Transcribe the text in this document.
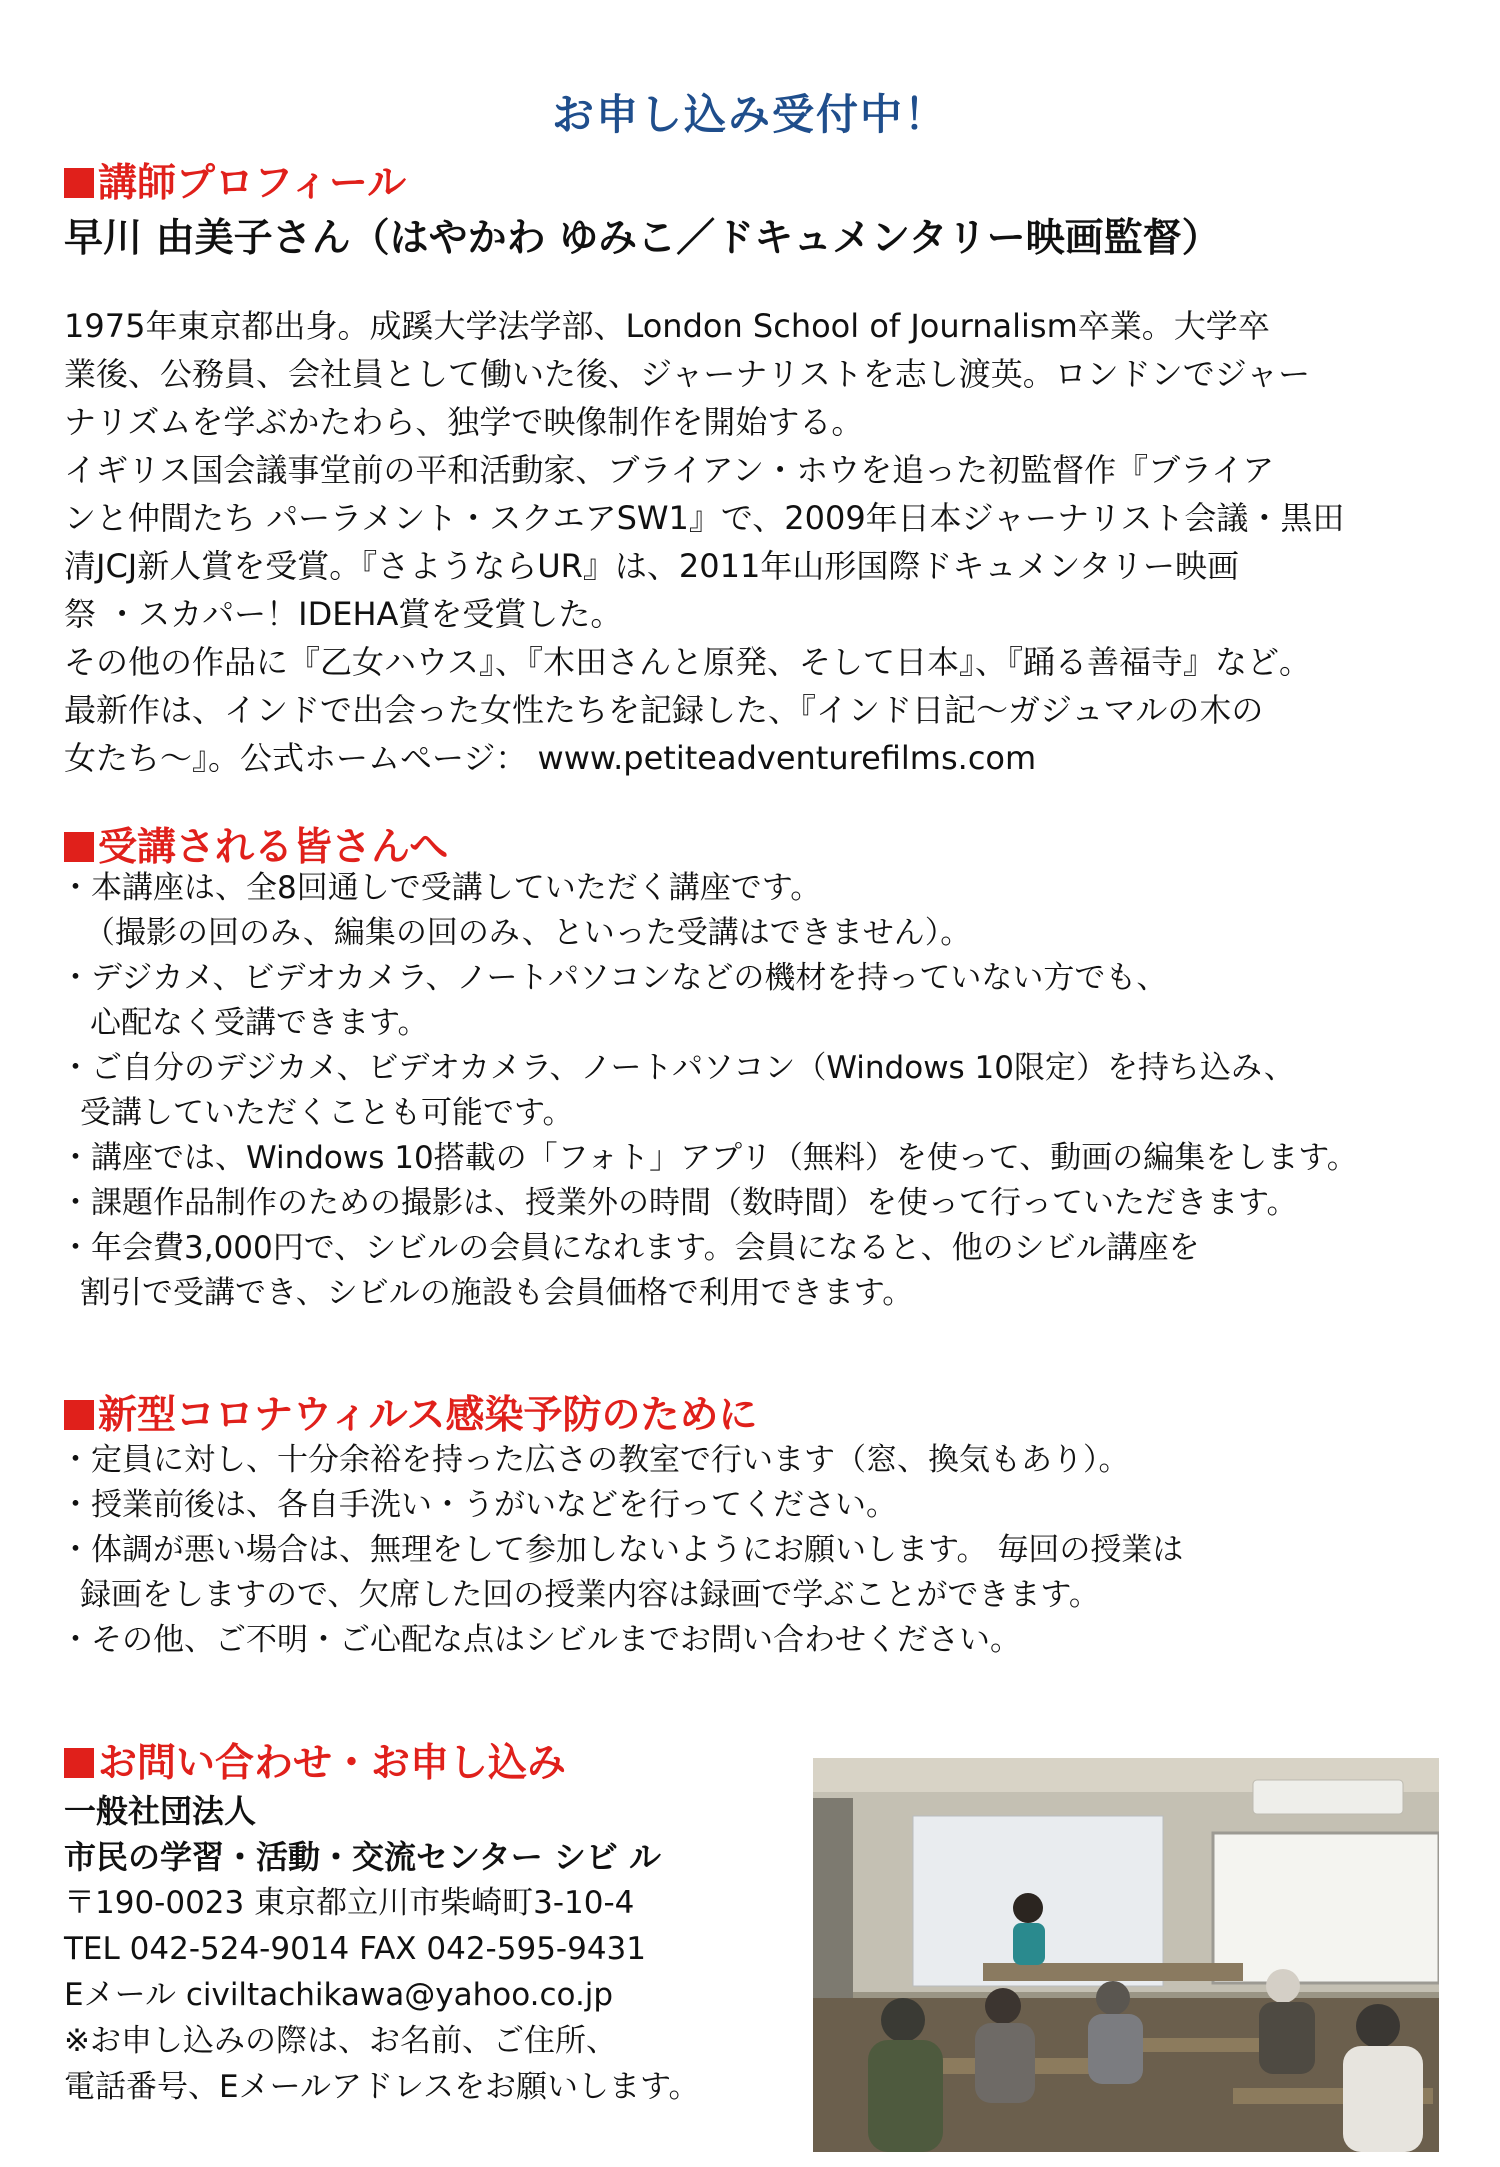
お申し込み受付中！
講師プロフィール
早川 由美子さん（はやかわ ゆみこ／ドキュメンタリー映画監督）
1975年東京都出身。成蹊大学法学部、London School of Journalism卒業。大学卒
業後、公務員、会社員として働いた後、ジャーナリストを志し渡英。ロンドンでジャー
ナリズムを学ぶかたわら、独学で映像制作を開始する。
イギリス国会議事堂前の平和活動家、ブライアン・ホウを追った初監督作『ブライア
ンと仲間たち パーラメント・スクエアSW1』で、2009年日本ジャーナリスト会議・黒田
清JCJ新人賞を受賞。『さようならUR』は、2011年山形国際ドキュメンタリー映画
祭 ・スカパー！IDEHA賞を受賞した。
その他の作品に『乙女ハウス』、『木田さんと原発、そして日本』、『踊る善福寺』など。
最新作は、インドで出会った女性たちを記録した、『インド日記～ガジュマルの木の
女たち～』。公式ホームページ： www.petiteadventurefilms.com
受講される皆さんへ
・本講座は、全8回通しで受講していただく講座です。
（撮影の回のみ、編集の回のみ、といった受講はできません）。
・デジカメ、ビデオカメラ、ノートパソコンなどの機材を持っていない方でも、
心配なく受講できます。
・ご自分のデジカメ、ビデオカメラ、ノートパソコン（Windows 10限定）を持ち込み、
受講していただくことも可能です。
・講座では、Windows 10搭載の「フォト」アプリ（無料）を使って、動画の編集をします。
・課題作品制作のための撮影は、授業外の時間（数時間）を使って行っていただきます。
・年会費3,000円で、シビルの会員になれます。会員になると、他のシビル講座を
割引で受講でき、シビルの施設も会員価格で利用できます。
新型コロナウィルス感染予防のために
・定員に対し、十分余裕を持った広さの教室で行います（窓、換気もあり）。
・授業前後は、各自手洗い・うがいなどを行ってください。
・体調が悪い場合は、無理をして参加しないようにお願いします。 毎回の授業は
録画をしますので、欠席した回の授業内容は録画で学ぶことができます。
・その他、ご不明・ご心配な点はシビルまでお問い合わせください。
お問い合わせ・お申し込み
一般社団法人
市民の学習・活動・交流センター シビ ル
〒190-0023 東京都立川市柴崎町3-10-4
TEL 042-524-9014 FAX 042-595-9431
Eメール civiltachikawa@yahoo.co.jp
※お申し込みの際は、お名前、ご住所、
電話番号、Eメールアドレスをお願いします。
